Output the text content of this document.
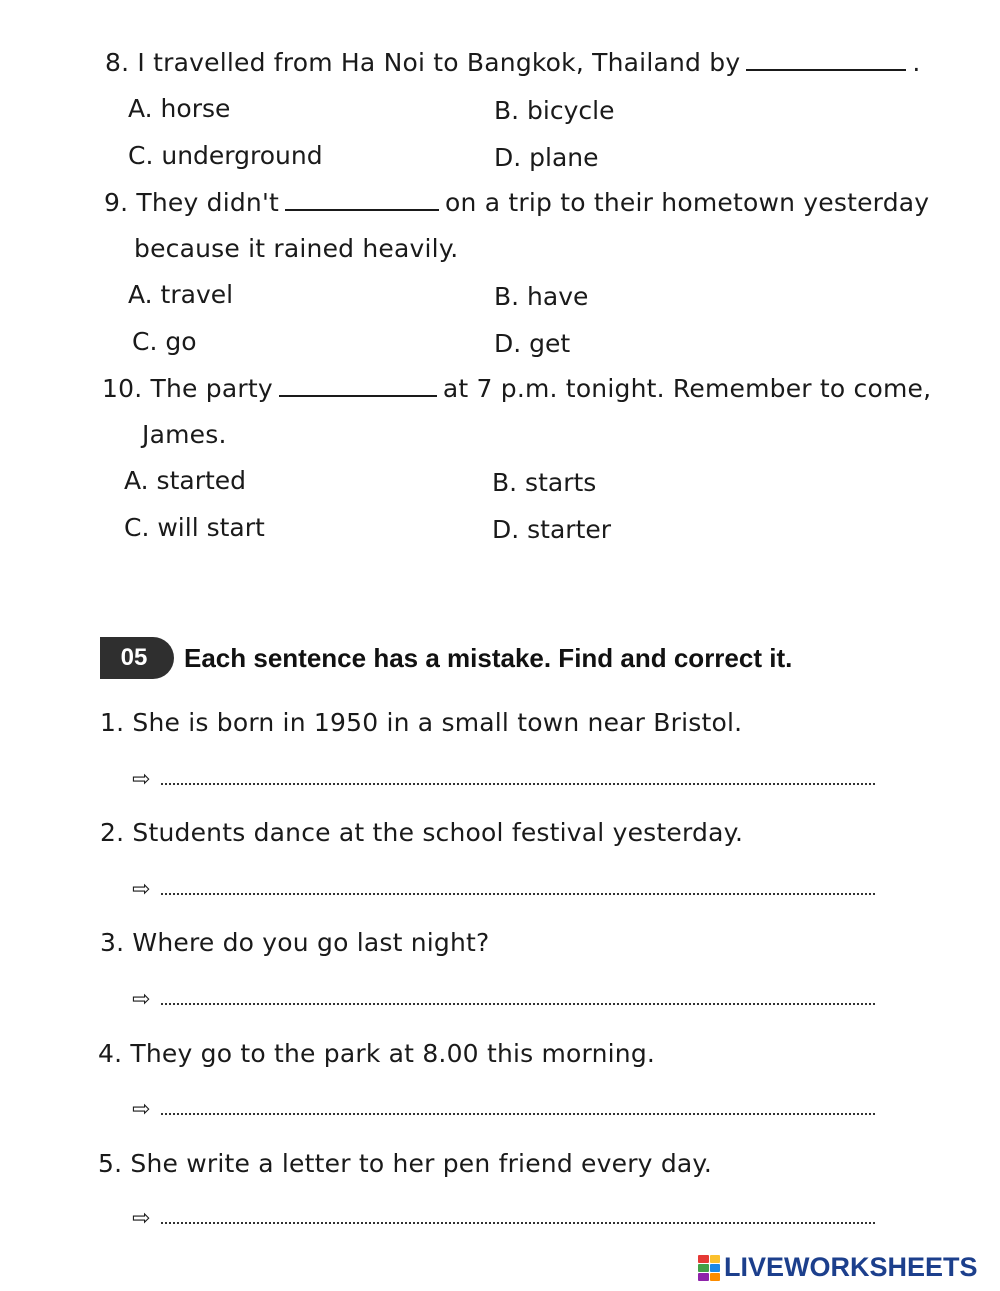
8. I travelled from Ha Noi to Bangkok, Thailand by	.
A. horse	B. bicycle
C. underground	D. plane
9. They didn't	on a trip to their hometown yesterday
because it rained heavily.
A. travel	B. have
C. go	D. get
10. The party	at 7 p.m. tonight. Remember to come,
James.
A. started	B. starts
C. will start	D. starter
05	Each sentence has a mistake. Find and correct it.
1. She is born in 1950 in a small town near Bristol.
⇨
2. Students dance at the school festival yesterday.
⇨
3. Where do you go last night?
⇨
4. They go to the park at 8.00 this morning.
⇨
5. She write a letter to her pen friend every day.
⇨
LIVEWORKSHEETS
